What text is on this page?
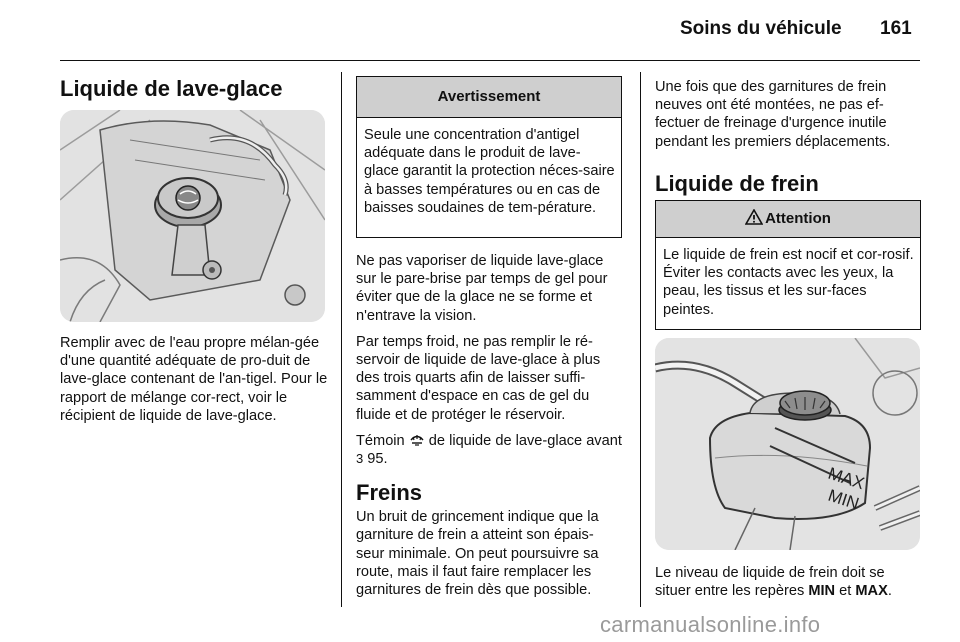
Soins du véhicule 161
Liquide de lave-glace

Remplir avec de l'eau propre mélan-gée d'une quantité adéquate de pro-duit de lave-glace contenant de l'an-tigel. Pour le rapport de mélange cor-rect, voir le récipient de liquide de lave-glace.

Avertissement
Seule une concentration d'antigel adéquate dans le produit de lave-glace garantit la protection néces-saire à basses températures ou en cas de baisses soudaines de tem-pérature.

Ne pas vaporiser de liquide lave-glace sur le pare-brise par temps de gel pour éviter que de la glace ne se forme et n'entrave la vision.

Par temps froid, ne pas remplir le ré-servoir de liquide de lave-glace à plus des trois quarts afin de laisser suffi-samment d'espace en cas de gel du fluide et de protéger le réservoir.

Témoin de liquide de lave-glace avant 3 95.

Freins

Un bruit de grincement indique que la garniture de frein a atteint son épais-seur minimale. On peut poursuivre sa route, mais il faut faire remplacer les garnitures de frein dès que possible.

Une fois que des garnitures de frein neuves ont été montées, ne pas ef-fectuer de freinage d'urgence inutile pendant les premiers déplacements.

Liquide de frein
Attention
Le liquide de frein est nocif et cor-rosif. Éviter les contacts avec les yeux, la peau, les tissus et les sur-faces peintes.
MAX
MIN

Le niveau de liquide de frein doit se situer entre les repères MIN et MAX.

carmanualsonline.info
